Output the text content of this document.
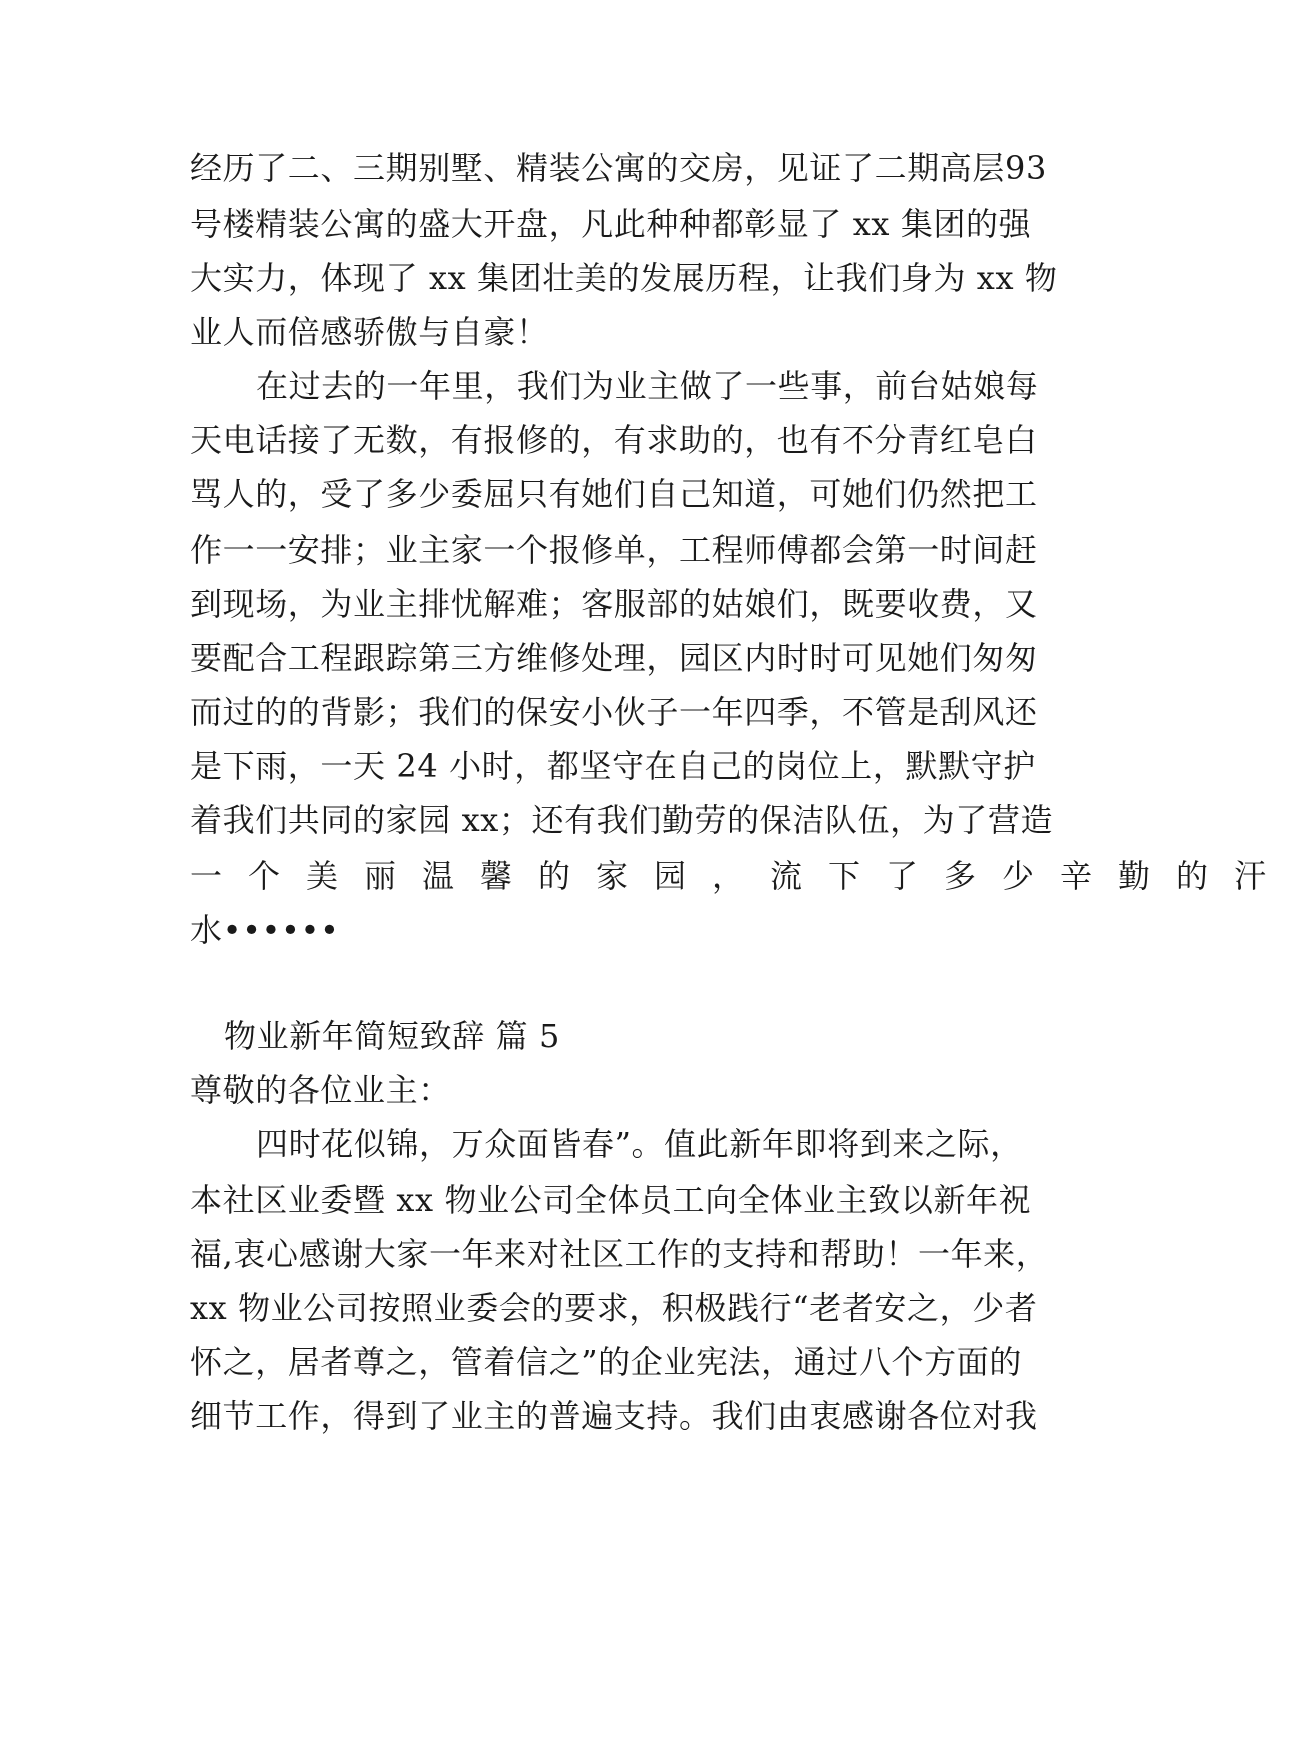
经历了二、三期别墅、精装公寓的交房，见证了二期高层93
号楼精装公寓的盛大开盘，凡此种种都彰显了 xx 集团的强
大实力，体现了 xx 集团壮美的发展历程，让我们身为 xx 物
业人而倍感骄傲与自豪！
在过去的一年里，我们为业主做了一些事，前台姑娘每
天电话接了无数，有报修的，有求助的，也有不分青红皂白
骂人的，受了多少委屈只有她们自己知道，可她们仍然把工
作一一安排；业主家一个报修单，工程师傅都会第一时间赶
到现场，为业主排忧解难；客服部的姑娘们，既要收费，又
要配合工程跟踪第三方维修处理，园区内时时可见她们匆匆
而过的的背影；我们的保安小伙子一年四季，不管是刮风还
是下雨，一天 24 小时，都坚守在自己的岗位上，默默守护
着我们共同的家园 xx；还有我们勤劳的保洁队伍，为了营造
一个美丽温馨的家园，流下了多少辛勤的汗
水••••••
物业新年简短致辞 篇 5
尊敬的各位业主：
四时花似锦，万众面皆春”。值此新年即将到来之际，
本社区业委暨 xx 物业公司全体员工向全体业主致以新年祝
福,衷心感谢大家一年来对社区工作的支持和帮助！一年来，
xx 物业公司按照业委会的要求，积极践行“老者安之，少者
怀之，居者尊之，管着信之”的企业宪法，通过八个方面的
细节工作，得到了业主的普遍支持。我们由衷感谢各位对我
